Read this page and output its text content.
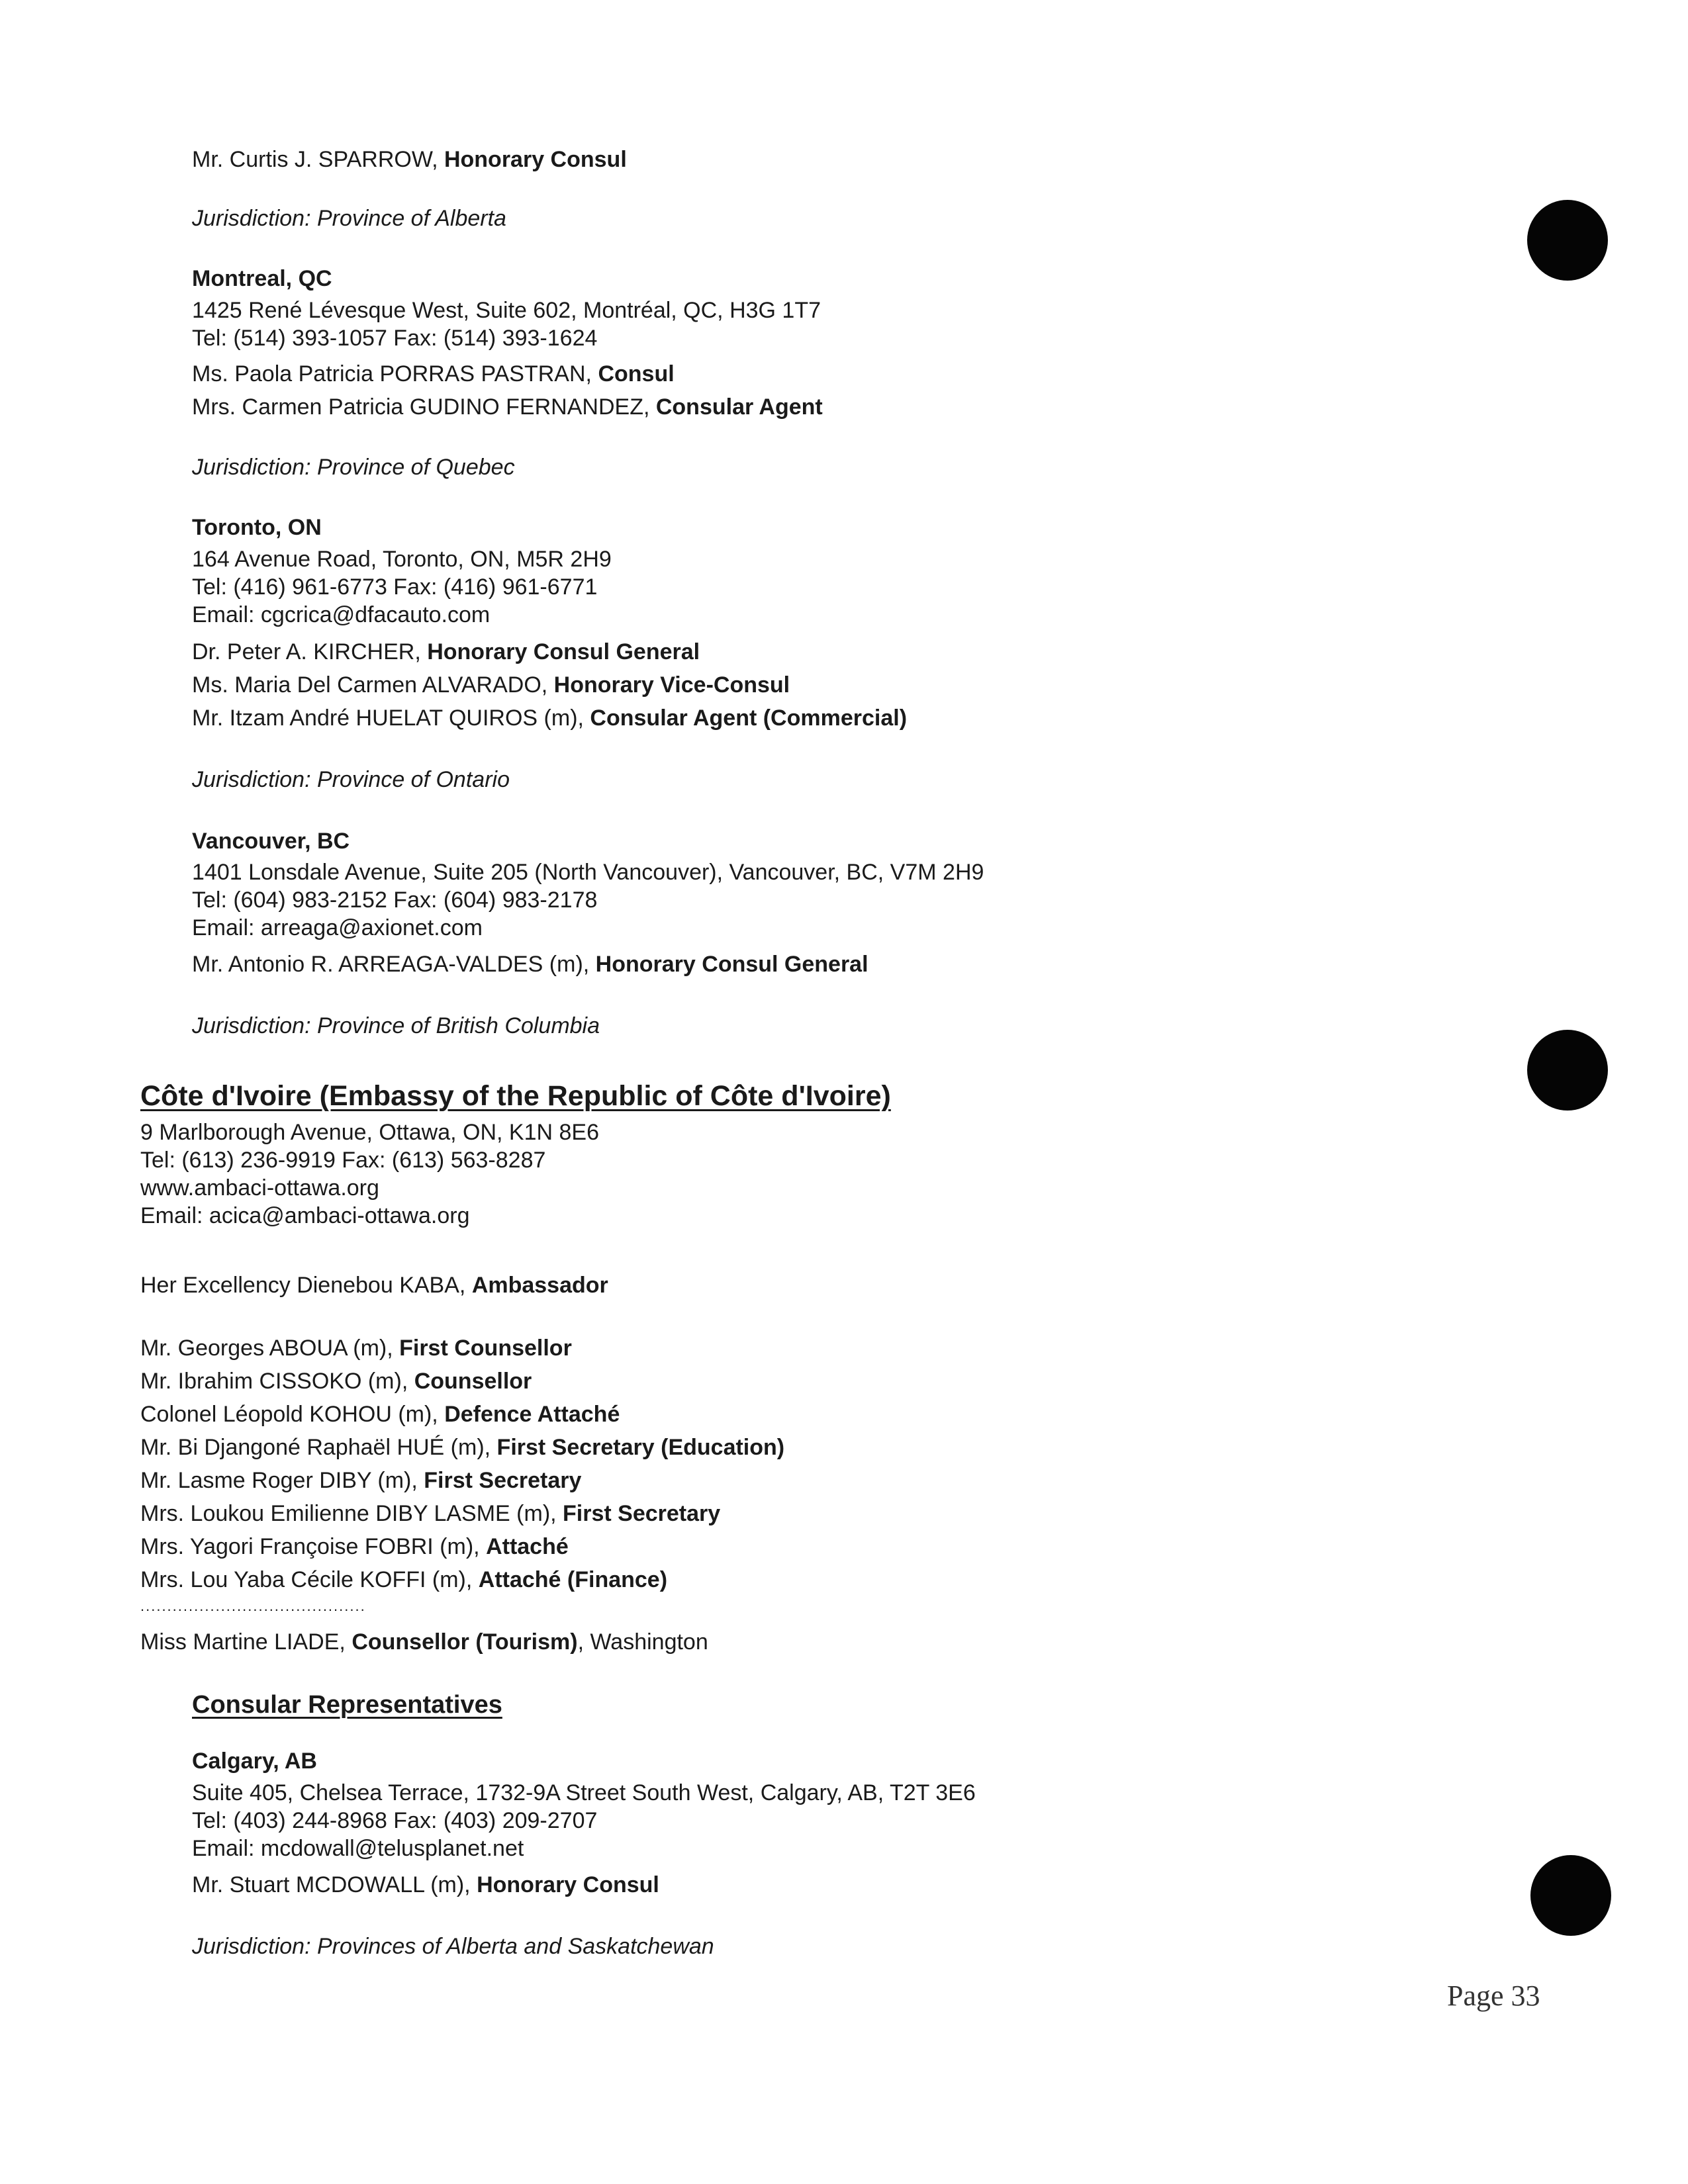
Mr. Curtis J. SPARROW, Honorary Consul
Jurisdiction: Province of Alberta
Montreal, QC
1425 René Lévesque West, Suite 602, Montréal, QC, H3G 1T7
Tel: (514) 393-1057 Fax: (514) 393-1624
Ms. Paola Patricia PORRAS PASTRAN, Consul
Mrs. Carmen Patricia GUDINO FERNANDEZ, Consular Agent
Jurisdiction: Province of Quebec
Toronto, ON
164 Avenue Road, Toronto, ON, M5R 2H9
Tel: (416) 961-6773 Fax: (416) 961-6771
Email: cgcrica@dfacauto.com
Dr. Peter A. KIRCHER, Honorary Consul General
Ms. Maria Del Carmen ALVARADO, Honorary Vice-Consul
Mr. Itzam André HUELAT QUIROS (m), Consular Agent (Commercial)
Jurisdiction: Province of Ontario
Vancouver, BC
1401 Lonsdale Avenue, Suite 205 (North Vancouver), Vancouver, BC, V7M 2H9
Tel: (604) 983-2152 Fax: (604) 983-2178
Email: arreaga@axionet.com
Mr. Antonio R. ARREAGA-VALDES (m), Honorary Consul General
Jurisdiction: Province of British Columbia
Côte d'Ivoire (Embassy of the Republic of Côte d'Ivoire)
9 Marlborough Avenue, Ottawa, ON, K1N 8E6
Tel: (613) 236-9919 Fax: (613) 563-8287
www.ambaci-ottawa.org
Email: acica@ambaci-ottawa.org
Her Excellency Dienebou KABA, Ambassador
Mr. Georges ABOUA (m), First Counsellor
Mr. Ibrahim CISSOKO (m), Counsellor
Colonel Léopold KOHOU (m), Defence Attaché
Mr. Bi Djangoné Raphaël HUÉ (m), First Secretary (Education)
Mr. Lasme Roger DIBY (m), First Secretary
Mrs. Loukou Emilienne DIBY LASME (m), First Secretary
Mrs. Yagori Françoise FOBRI (m), Attaché
Mrs. Lou Yaba Cécile KOFFI (m), Attaché (Finance)
..........................................
Miss Martine LIADE, Counsellor (Tourism), Washington
Consular Representatives
Calgary, AB
Suite 405, Chelsea Terrace, 1732-9A Street South West, Calgary, AB, T2T 3E6
Tel: (403) 244-8968 Fax: (403) 209-2707
Email: mcdowall@telusplanet.net
Mr. Stuart MCDOWALL (m), Honorary Consul
Jurisdiction: Provinces of Alberta and Saskatchewan
Page 33
